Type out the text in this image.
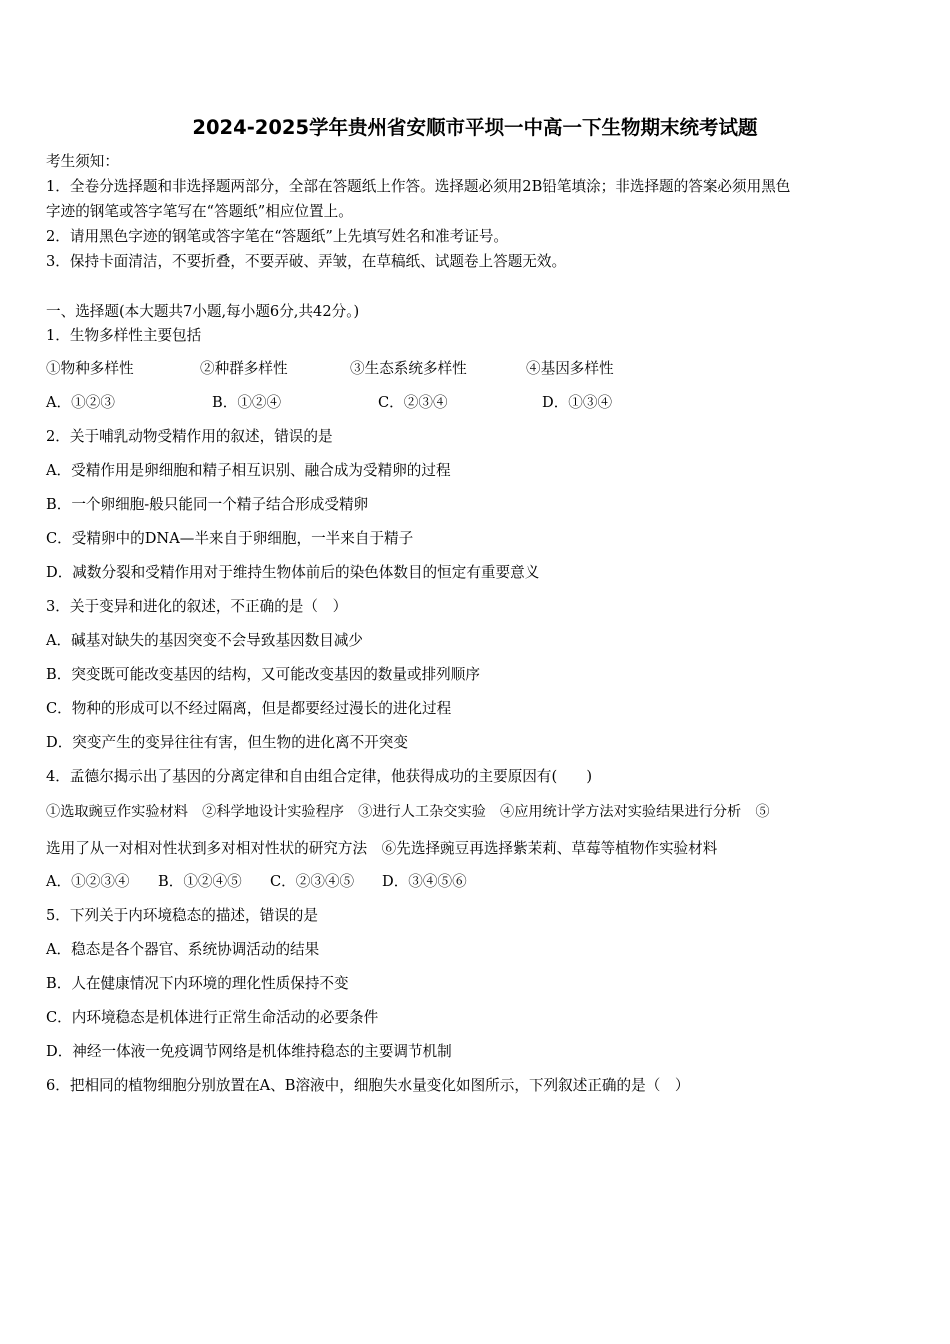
2024-2025学年贵州省安顺市平坝一中高一下生物期末统考试题
考生须知：
1．全卷分选择题和非选择题两部分，全部在答题纸上作答。选择题必须用2B铅笔填涂；非选择题的答案必须用黑色
字迹的钢笔或答字笔写在“答题纸”相应位置上。
2．请用黑色字迹的钢笔或答字笔在“答题纸”上先填写姓名和准考证号。
3．保持卡面清洁，不要折叠，不要弄破、弄皱，在草稿纸、试题卷上答题无效。
一、选择题(本大题共7小题,每小题6分,共42分。)
1．生物多样性主要包括
①物种多样性	②种群多样性	③生态系统多样性	④基因多样性
A．①②③	B．①②④	C．②③④	D．①③④
2．关于哺乳动物受精作用的叙述，错误的是
A．受精作用是卵细胞和精子相互识别、融合成为受精卵的过程
B．一个卵细胞-般只能同一个精子结合形成受精卵
C．受精卵中的DNA—半来自于卵细胞，一半来自于精子
D．减数分裂和受精作用对于维持生物体前后的染色体数目的恒定有重要意义
3．关于变异和进化的叙述，不正确的是（　）
A．碱基对缺失的基因突变不会导致基因数目减少
B．突变既可能改变基因的结构，又可能改变基因的数量或排列顺序
C．物种的形成可以不经过隔离，但是都要经过漫长的进化过程
D．突变产生的变异往往有害，但生物的进化离不开突变
4．孟德尔揭示出了基因的分离定律和自由组合定律，他获得成功的主要原因有(　　)
①选取豌豆作实验材料　②科学地设计实验程序　③进行人工杂交实验　④应用统计学方法对实验结果进行分析　⑤
选用了从一对相对性状到多对相对性状的研究方法　⑥先选择豌豆再选择紫茉莉、草莓等植物作实验材料
A．①②③④ B．①②④⑤ C．②③④⑤ D．③④⑤⑥
5．下列关于内环境稳态的描述，错误的是
A．稳态是各个器官、系统协调活动的结果
B．人在健康情况下内环境的理化性质保持不变
C．内环境稳态是机体进行正常生命活动的必要条件
D．神经一体液一免疫调节网络是机体维持稳态的主要调节机制
6．把相同的植物细胞分别放置在A、B溶液中，细胞失水量变化如图所示，下列叙述正确的是（　）
